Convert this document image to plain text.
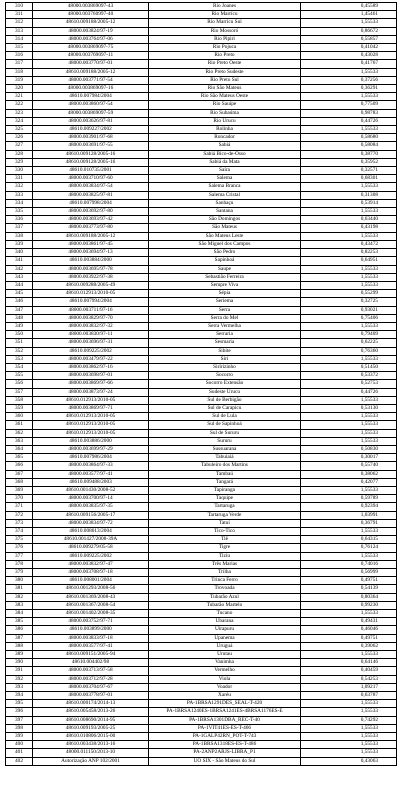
310	48000.003869097-43	Rio Joanes	0,45589
311	48000.003760997-40	Rio Marrícu	1,45461
312	48610.009188/2005-12	Rio Marrícu Sul	1,55533
313	48000.003824/97-19	Rio Mossoró	0,86672
314	48000.003764/97-06	Rio Pipiri	0,55857
315	48000.003869097-75	Rio Pojuca	0,41042
316	48000.003769097-11	Rio Preto	0,43028
317	48000.003770/97-01	Rio Preto Oeste	0,41767
318	48610.009188/2005-12	Rio Preto Sudeste	1,55533
319	48000.003771/97-54	Rio Preto Sul	0,37256
320	48000.003869097-16	Rio São Mateus	0,36291
321	48610.007984/2004	Rio São Mateus Oeste	1,55533
322	48000.003860/97-54	Rio Sauípe	0,77509
323	48000.003869097-59	Rio Subaúma	0,98783
324	48000.003626/97-81	Rio Urucu	0,44726
325	48610.009227/2002	Rolinha	1,55533
326	48000.003901/97-68	Roncador	0,58680
327	48000.003691/97-55	Sabiá	0,58084
328	48610.009128/2005-16	Sabiá Bico-de-Osso	0,38770
329	48610.009128/2005-16	Sabiá da Mata	0,35952
330	48610.010735/2001	Saíra	0,32571
331	48000.003710/97-60	Salema	0,68301
332	48000.003834/97-54	Salema Branca	1,55533
333	48000.003825/97-81	Salema Cristal	0,31308
334	48610.007998/2004	Sanhaçu	0,53914
335	48000.003692/97-80	Santana	1,55533
336	48000.003693/97-42	São Domingos	0,63440
337	48000.003773/97-80	São Mateus	0,43198
338	48610.009188/2005-12	São Mateus Leste	1,55533
339	48000.003861/97-45	São Miguel dos Campos	0,43472
340	48000.003694/97-13	São Pedro	0,82253
341	48610.003884/2000	Sapinhoá	0,64951
342	48000.003695/97-78	Saupe	1,55533
343	48000.003922/97-38	Sebastião Ferreira	1,55533
344	48610.009288/2005-49	Sempre Viva	1,55533
345	48610.012913/2010-05	Sépia	0,55299
346	48610.007994/2004	Seriema	0,32725
347	48000.003711/97-16	Serra	0,93021
348	48000.003829/97-70	Serra do Mel	0,75406
349	48000.003832/97-32	Serra Vermelha	1,55533
350	48000.003830/97-11	Serraria	0,79409
351	48000.003696/97-31	Sesmaria	0,62225
352	48610.009225/2002	Sibite	0,76360
353	48000.003479/97-22	Siri	1,55533
354	48000.003862/97-16	Siririzinho	0,51450
355	48000.003698/97-01	Socorro	0,53372
356	48000.003869/97-66	Socorro Extensão	0,52753
357	48000.003873/97-24	Sudeste Urucu	0,44726
358	48610.012913/2010-05	Sul de Berbigão	1,55533
359	48000.003869/97-71	Sul de Carapicu	0,53130
360	48610.012913/2010-05	Sul de Lula	1,55533
361	48610.012913/2010-05	Sul de Sapinhoá	1,55533
362	48610.012913/2010-05	Sul de Sururu	1,55533
363	48610.003886/2000	Sururu	1,55533
364	48000.003699/97-29	Sussuarana	0,50830
365	48610.007986/2004	Tabuiaiá	0,30017
366	48000.003864/97-33	Tabuleiro dos Martins	0,55740
367	48000.003577/97-41	Tambaú	0,38062
368	48610.009488/2003	Tangará	0,42077
369	48610.001430/2008-52	Tapiranga	1,55533
370	48000.003700/97-14	Taquipe	0,59789
371	48000.003835/97-35	Tartaruga	0,92394
372	48610.009156/2005-17	Tartaruga Verde	1,03991
373	48000.003834/97-72	Tatuí	0,36791
374	48610.008013/2004	Tico-Tico	1,55533
375	48610.001427/2008-39A	Tiê	0,64315
376	48610.009279/05-58	Tigre	0,76124
377	48610.009225/2002	Tiziu	1,55533
378	48000.003832/97-47	Três Marias	0,74016
379	48000.003708/97-18	Trilha	0,56999
380	48610.008001/2004	Trinca Ferro	0,49751
381	48610.001293/2008-56	Trovoada	0,54139
382	48610.001369/2008-43	Tubarão Azul	0,80364
383	48610.001367/2008-54	Tubarão Martelo	0,99230
384	48610.001402/2008-35	Tucano	1,55533
385	48000.003752/97-71	Ubarana	0,49431
386	48610.003899/2000	Uirapuru	0,46046
387	48000.003833/97-18	Upanema	0,49751
388	48000.003577/97-41	Uruguá	0,39062
389	48610.009151/2005-94	Urutau	1,55533
390	48610.004402/98	Vanimha	0,64146
391	48000.003713/97-58	Vermelho	0,40459
392	48000.003712/97-28	Viola	0,54253
393	48000.003704/97-67	Voador	1,09217
394	48000.003778/97-01	Xaréu	0,63787
395	48610.000174/2014-13	PA-1BRSA1291DES_SEAL-T-420	1,55533
396	48610.005458/2013-26	PA-1BRSA1240ES-1BRSA1241ES-4BRSA1176ES-E	1,55533
397	48610.008690/2014-95	PA-1BRSA1301DBA_REC-T-40	0,74292
398	48610.009193/2005-25	PA-1VIT41ES-ES-T-466	1,55533
399	48610.010806/2015-00	PA-1GALP42RN_POT-T-743	1,55533
400	48610.003438/2013-16	PA-1BRSA1318ES-ES-T-486	1,55533
401	48000.011150/2013-10	PA-2ANP2ARJS-LIBRA_P1	1,55533
402	Autorização ANP 102/2001	UO SIX - São Mateus do Sul	0,43063
